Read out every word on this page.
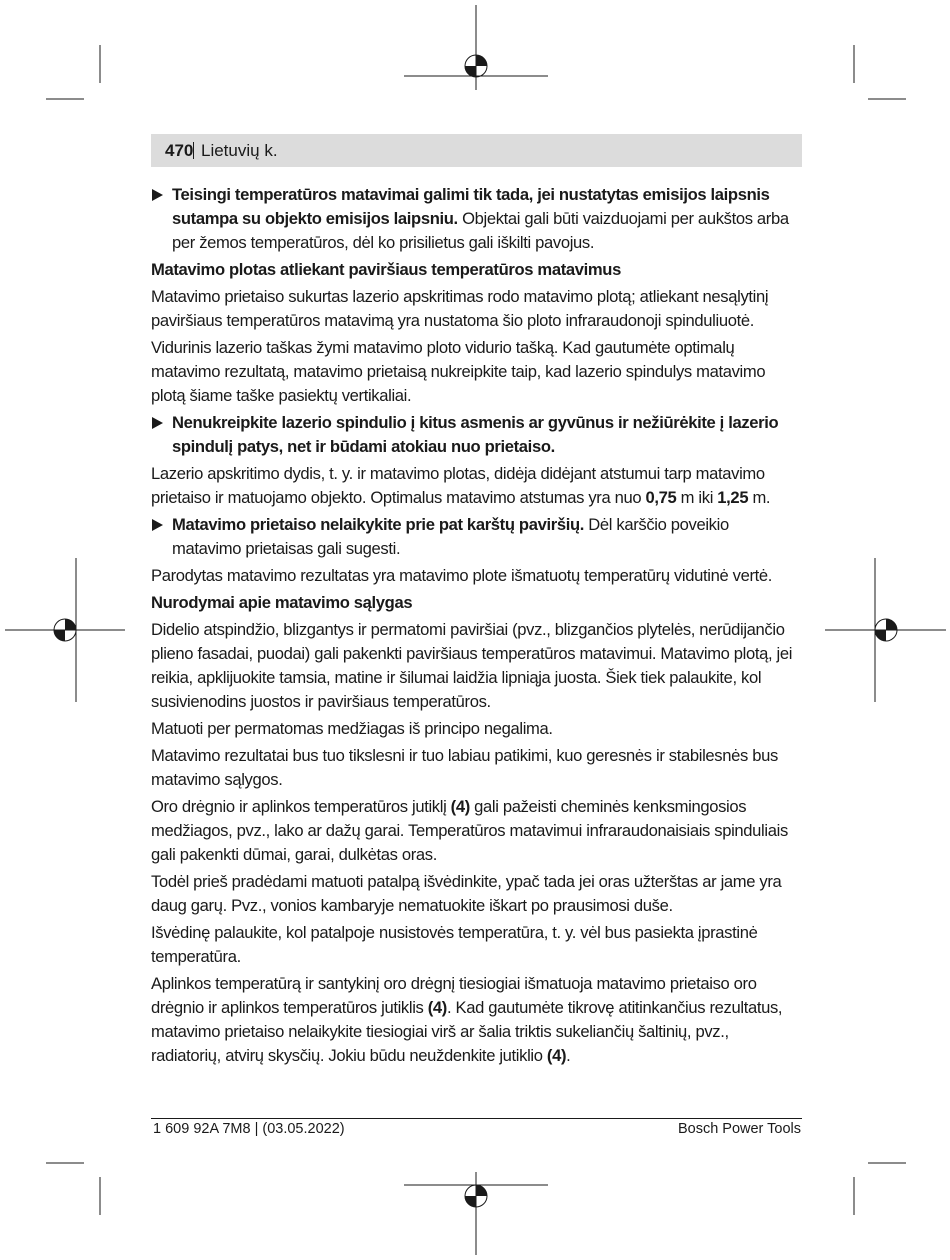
470 Lietuvių k.
Teisingi temperatūros matavimai galimi tik tada, jei nustatytas emisijos laipsnis sutampa su objekto emisijos laipsniu. Objektai gali būti vaizduojami per aukštos arba per žemos temperatūros, dėl ko prisilietus gali iškilti pavojus.
Matavimo plotas atliekant paviršiaus temperatūros matavimus

Matavimo prietaiso sukurtas lazerio apskritimas rodo matavimo plotą; atliekant nesąlytinį paviršiaus temperatūros matavimą yra nustatoma šio ploto infraraudonoji spinduliuotė.

Vidurinis lazerio taškas žymi matavimo ploto vidurio tašką. Kad gautumėte optimalų matavimo rezultatą, matavimo prietaisą nukreipkite taip, kad lazerio spindulys matavimo plotą šiame taške pasiektų vertikaliai.

Nenukreipkite lazerio spindulio į kitus asmenis ar gyvūnus ir nežiūrėkite į lazerio spindulį patys, net ir būdami atokiau nuo prietaiso.

Lazerio apskritimo dydis, t. y. ir matavimo plotas, didėja didėjant atstumui tarp matavimo prietaiso ir matuojamo objekto. Optimalus matavimo atstumas yra nuo 0,75 m iki 1,25 m.

Matavimo prietaiso nelaikykite prie pat karštų paviršių. Dėl karščio poveikio matavimo prietaisas gali sugesti.

Parodytas matavimo rezultatas yra matavimo plote išmatuotų temperatūrų vidutinė vertė.

Nurodymai apie matavimo sąlygas

Didelio atspindžio, blizgantys ir permatomi paviršiai (pvz., blizgančios plytelės, nerūdijančio plieno fasadai, puodai) gali pakenkti paviršiaus temperatūros matavimui. Matavimo plotą, jei reikia, apklijuokite tamsia, matine ir šilumai laidžia lipniąja juosta. Šiek tiek palaukite, kol susivienodins juostos ir paviršiaus temperatūros.

Matuoti per permatomas medžiagas iš principo negalima.

Matavimo rezultatai bus tuo tikslesni ir tuo labiau patikimi, kuo geresnės ir stabilesnės bus matavimo sąlygos.

Oro drėgnio ir aplinkos temperatūros jutiklį (4) gali pažeisti cheminės kenksmingosios medžiagos, pvz., lako ar dažų garai. Temperatūros matavimui infraraudonaisiais spinduliais gali pakenkti dūmai, garai, dulkėtas oras.

Todėl prieš pradėdami matuoti patalpą išvėdinkite, ypač tada jei oras užterštas ar jame yra daug garų. Pvz., vonios kambaryje nematuokite iškart po prausimosi duše.

Išvėdinę palaukite, kol patalpoje nusistovės temperatūra, t. y. vėl bus pasiekta įprastinė temperatūra.

Aplinkos temperatūrą ir santykinį oro drėgnį tiesiogiai išmatuoja matavimo prietaiso oro drėgnio ir aplinkos temperatūros jutiklis (4). Kad gautumėte tikrovę atitinkančius rezultatus, matavimo prietaiso nelaikykite tiesiogiai virš ar šalia triktis sukeliančių šaltinių, pvz., radiatorių, atvirų skysčių. Jokiu būdu neuždenkite jutiklio (4).

1 609 92A 7M8 | (03.05.2022)	Bosch Power Tools
